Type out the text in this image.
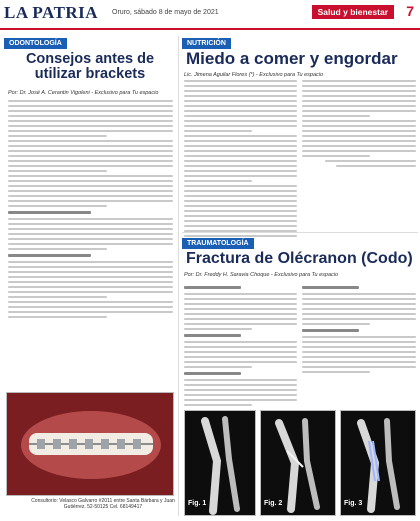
LA PATRIA Oruro, sábado 8 de mayo de 2021	Salud y bienestar	7
ODONTOLOGÍA
Consejos antes de utilizar brackets
Por: Dr. José A. Cerantin Vigoleni - Exclusivo para Tu espacio
Consultorio: Velasco Galvarro #2011 entre Santa Bárbara y Juan Gutiérrez. 52-50125 Cel. 68149417
NUTRICIÓN
Miedo a comer y engordar
Lic. Jimena Aguilar Flores (*) - Exclusivo para Tu espacio
TRAUMATOLOGÍA
Fractura de Olécranon (Codo)
Por: Dr. Freddy H. Saravia Choque - Exclusivo para Tu espacio
Fig. 1	Fig. 2	Fig. 3
